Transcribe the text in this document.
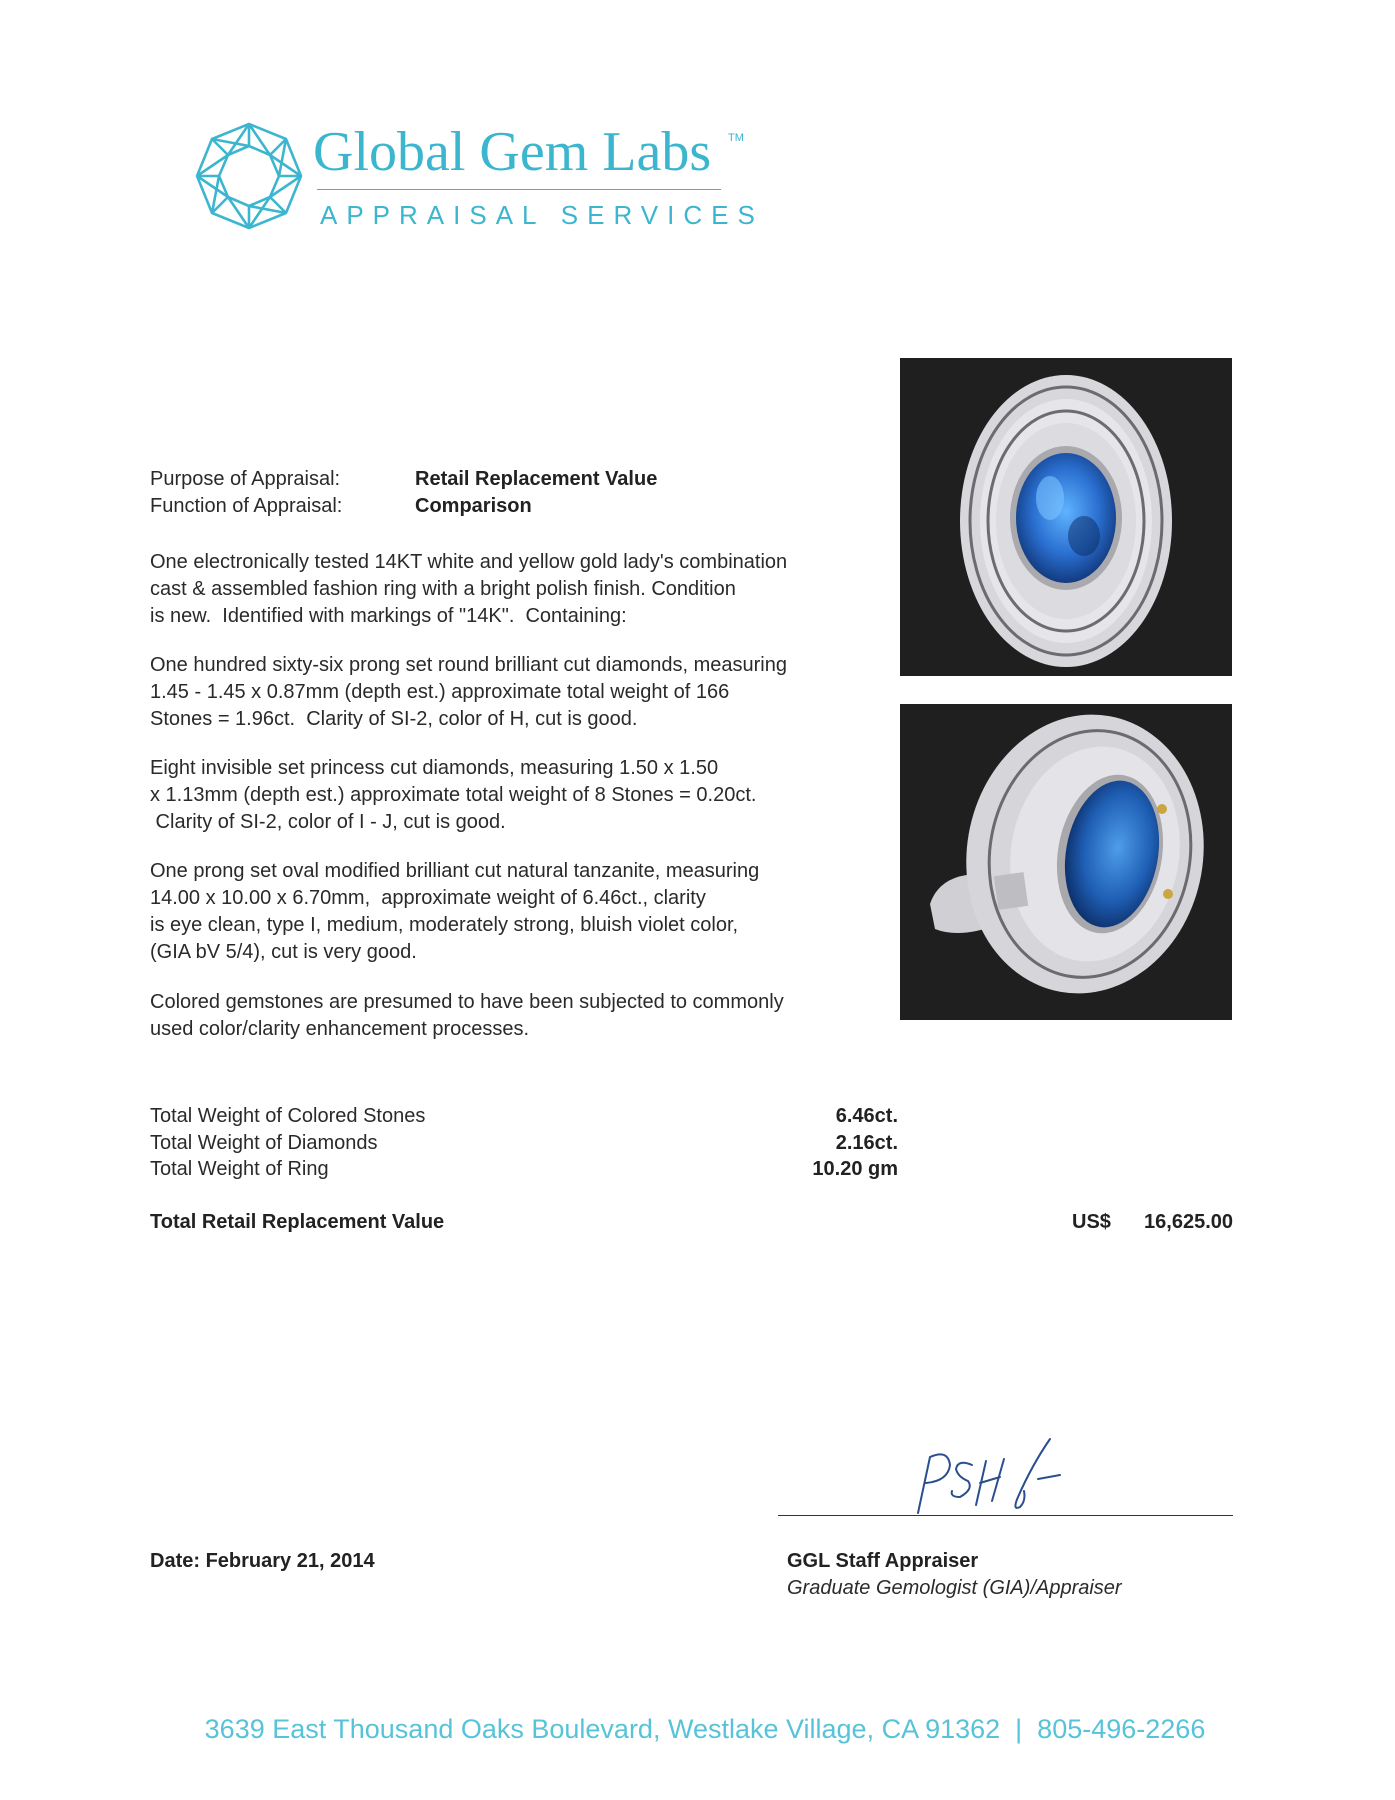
Global Gem Labs TM
APPRAISAL SERVICES
Purpose of Appraisal:	Retail Replacement Value
Function of Appraisal:	Comparison
One electronically tested 14KT white and yellow gold lady's combination
cast & assembled fashion ring with a bright polish finish. Condition
is new.  Identified with markings of "14K".  Containing:
One hundred sixty-six prong set round brilliant cut diamonds, measuring
1.45 - 1.45 x 0.87mm (depth est.) approximate total weight of 166
Stones = 1.96ct.  Clarity of SI-2, color of H, cut is good.
Eight invisible set princess cut diamonds, measuring 1.50 x 1.50
x 1.13mm (depth est.) approximate total weight of 8 Stones = 0.20ct.
Clarity of SI-2, color of I - J, cut is good.
One prong set oval modified brilliant cut natural tanzanite, measuring
14.00 x 10.00 x 6.70mm,  approximate weight of 6.46ct., clarity
is eye clean, type I, medium, moderately strong, bluish violet color,
(GIA bV 5/4), cut is very good.
Colored gemstones are presumed to have been subjected to commonly
used color/clarity enhancement processes.
Total Weight of Colored Stones	6.46ct.
Total Weight of Diamonds	2.16ct.
Total Weight of Ring	10.20 gm
Total Retail Replacement Value	US$	16,625.00
Date: February 21, 2014	GGL Staff Appraiser
Graduate Gemologist (GIA)/Appraiser

3639 East Thousand Oaks Boulevard, Westlake Village, CA 91362  |  805-496-2266
